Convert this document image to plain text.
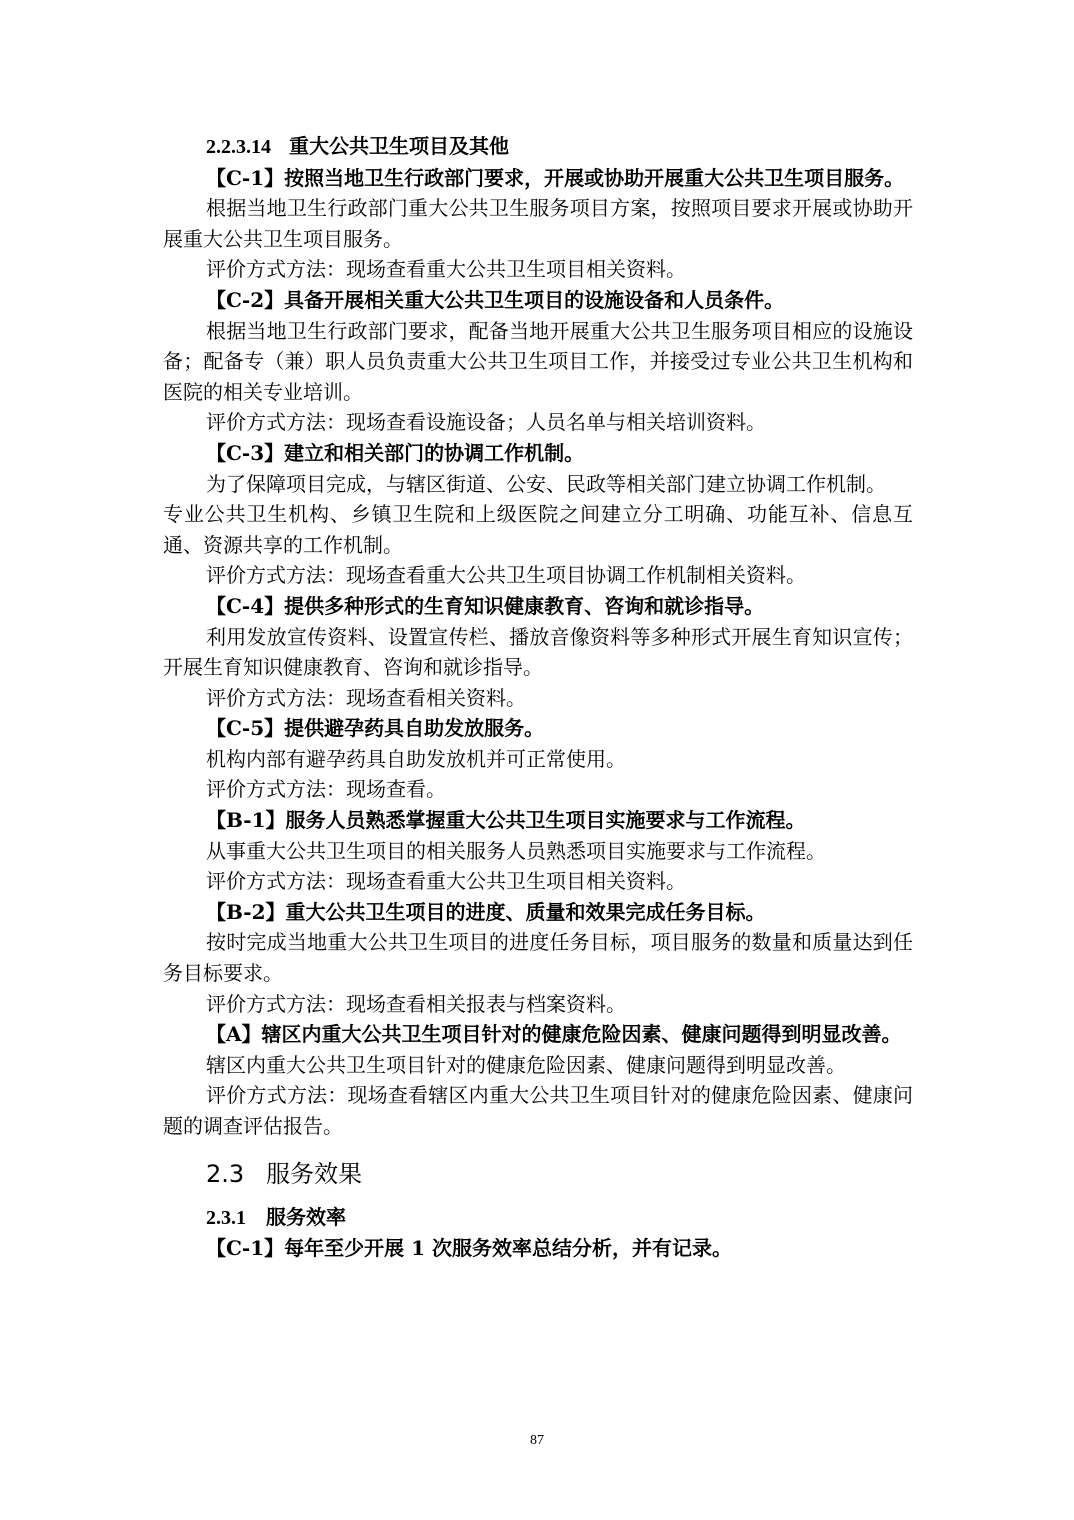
2.2.3.14 重大公共卫生项目及其他

【C-1】按照当地卫生行政部门要求，开展或协助开展重大公共卫生项目服务。

根据当地卫生行政部门重大公共卫生服务项目方案，按照项目要求开展或协助开展重大公共卫生项目服务。

评价方式方法：现场查看重大公共卫生项目相关资料。

【C-2】具备开展相关重大公共卫生项目的设施设备和人员条件。

根据当地卫生行政部门要求，配备当地开展重大公共卫生服务项目相应的设施设备；配备专（兼）职人员负责重大公共卫生项目工作，并接受过专业公共卫生机构和医院的相关专业培训。

评价方式方法：现场查看设施设备；人员名单与相关培训资料。

【C-3】建立和相关部门的协调工作机制。

为了保障项目完成，与辖区街道、公安、民政等相关部门建立协调工作机制。

专业公共卫生机构、乡镇卫生院和上级医院之间建立分工明确、功能互补、信息互通、资源共享的工作机制。

评价方式方法：现场查看重大公共卫生项目协调工作机制相关资料。

【C-4】提供多种形式的生育知识健康教育、咨询和就诊指导。

利用发放宣传资料、设置宣传栏、播放音像资料等多种形式开展生育知识宣传；开展生育知识健康教育、咨询和就诊指导。

评价方式方法：现场查看相关资料。

【C-5】提供避孕药具自助发放服务。

机构内部有避孕药具自助发放机并可正常使用。

评价方式方法：现场查看。

【B-1】服务人员熟悉掌握重大公共卫生项目实施要求与工作流程。

从事重大公共卫生项目的相关服务人员熟悉项目实施要求与工作流程。

评价方式方法：现场查看重大公共卫生项目相关资料。

【B-2】重大公共卫生项目的进度、质量和效果完成任务目标。

按时完成当地重大公共卫生项目的进度任务目标，项目服务的数量和质量达到任务目标要求。

评价方式方法：现场查看相关报表与档案资料。

【A】辖区内重大公共卫生项目针对的健康危险因素、健康问题得到明显改善。

辖区内重大公共卫生项目针对的健康危险因素、健康问题得到明显改善。

评价方式方法：现场查看辖区内重大公共卫生项目针对的健康危险因素、健康问题的调查评估报告。

2.3 服务效果
2.3.1 服务效率

【C-1】每年至少开展 1 次服务效率总结分析，并有记录。

87
